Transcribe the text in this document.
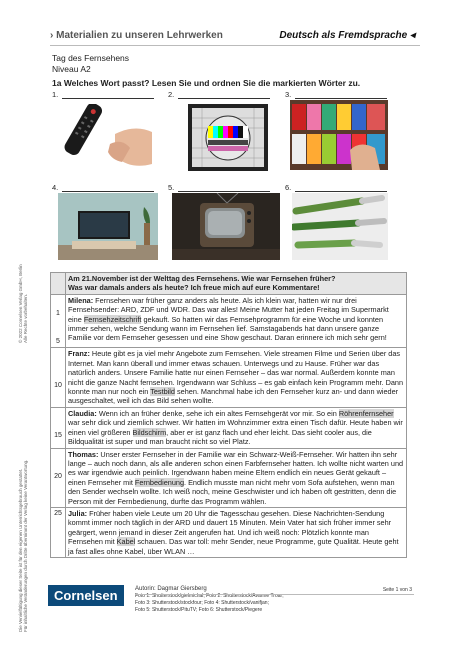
› Materialien zu unseren Lehrwerken	Deutsch als Fremdsprache ◂
Tag des Fernsehens
Niveau A2
1a Welches Wort passt? Lesen Sie und ordnen Sie die markierten Wörter zu.
1.	2.	3.
4.	5.	6.
© 2022 Cornelsen Verlag GmbH, Berlin Alle Rechte vorbehalten.
Die Vervielfältigung dieser Seite ist für den eigenen Unterrichtsgebrauch gestattet. Für inhaltliche Veränderungen durch Dritte übernimmt der Verlag keine Verantwortung.

	Am 21.November ist der Welttag des Fernsehens. Wie war Fernsehen früher?
Was war damals anders als heute? Ich freue mich auf eure Kommentare!

1

5	Milena: Fernsehen war früher ganz anders als heute. Als ich klein war, hatten wir nur drei Fernsehsender: ARD, ZDF und WDR. Das war alles! Meine Mutter hat jeden Freitag im Supermarkt eine Fernsehzeitschrift gekauft. So hatten wir das Fernsehprogramm für eine Woche und konnten immer sehen, welche Sendung wann im Fernsehen lief. Samstagabends hat dann unsere ganze Familie vor dem Fernseher gesessen und eine Show geschaut. Daran erinnere ich mich sehr gern!

10	Franz: Heute gibt es ja viel mehr Angebote zum Fernsehen. Viele streamen Filme und Serien über das Internet. Man kann überall und immer etwas schauen. Unterwegs und zu Hause. Früher war das natürlich anders. Unsere Familie hatte nur einen Fernseher – das war normal. Außerdem konnte man nicht die ganze Nacht fernsehen. Irgendwann war Schluss – es gab einfach kein Programm mehr. Dann konnte man nur noch ein Testbild sehen. Manchmal habe ich den Fernseher kurz an- und dann wieder ausgeschaltet, weil ich das Bild sehen wollte.

15	Claudia: Wenn ich an früher denke, sehe ich ein altes Fernsehgerät vor mir. So ein Röhrenfernseher war sehr dick und ziemlich schwer. Wir hatten im Wohnzimmer extra einen Tisch dafür. Heute haben wir einen viel größeren Bildschirm, aber er ist ganz flach und eher leicht. Das sieht cooler aus, die Bildqualität ist super und man braucht nicht so viel Platz.

20	Thomas: Unser erster Fernseher in der Familie war ein Schwarz-Weiß-Fernseher. Wir hatten ihn sehr lange – auch noch dann, als alle anderen schon einen Farbfernseher hatten. Ich wollte nicht warten und es war irgendwie auch peinlich. Irgendwann haben meine Eltern endlich ein neues Gerät gekauft – einen Fernseher mit Fernbedienung. Endlich musste man nicht mehr vom Sofa aufstehen, wenn man den Sender wechseln wollte. Ich weiß noch, meine Geschwister und ich haben oft gestritten, denn die Person mit der Fernbedienung, durfte das Programm wählen.
25	Julia: Früher haben viele Leute um 20 Uhr die Tagesschau gesehen. Diese Nachrichten-Sendung kommt immer noch täglich in der ARD und dauert 15 Minuten. Mein Vater hat sich früher immer sehr geärgert, wenn jemand in dieser Zeit angerufen hat. Und ich weiß noch: Plötzlich konnte man Fernsehen mit Kabel schauen. Das war toll: mehr Sender, neue Programme, gute Qualität. Heute geht ja fast alles ohne Kabel, über WLAN …
Cornelsen	Autorin: Dagmar Giersberg
Foto 1: Shutterstock/gielmichal; Foto 2: Shutterstock/Avanne Troar;
Foto 3: Shutterstock/stockfour; Foto 4: Shutterstock/vanifjan;
Foto 5: Shutterstock/PituTV; Foto 6: Shutterstock/Piegere
Seite 1 von 3
